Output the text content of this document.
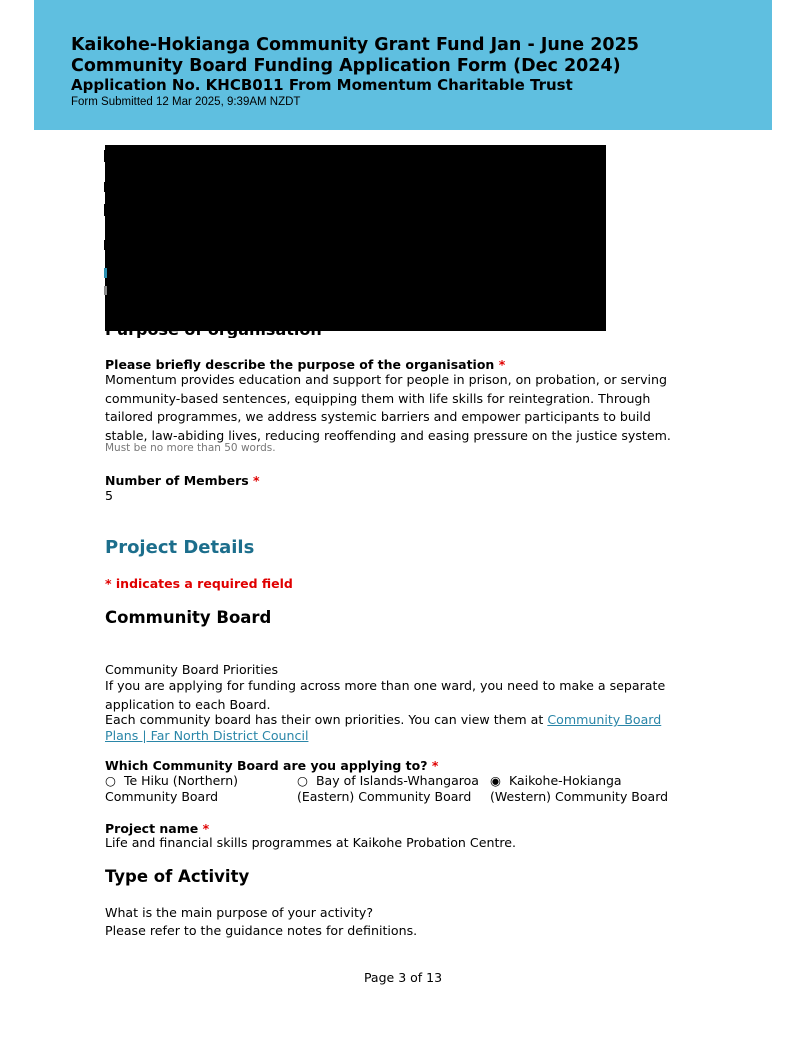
Kaikohe-Hokianga Community Grant Fund Jan - June 2025
Community Board Funding Application Form (Dec 2024)
Application No. KHCB011 From Momentum Charitable Trust
Form Submitted 12 Mar 2025, 9:39AM NZDT
Purpose of organisation
Please briefly describe the purpose of the organisation *
Momentum provides education and support for people in prison, on probation, or serving
community-based sentences, equipping them with life skills for reintegration. Through
tailored programmes, we address systemic barriers and empower participants to build
stable, law-abiding lives, reducing reoffending and easing pressure on the justice system.
Must be no more than 50 words.
Number of Members *
5
Project Details
* indicates a required field
Community Board
Community Board Priorities
If you are applying for funding across more than one ward, you need to make a separate
application to each Board.
Each community board has their own priorities. You can view them at Community Board
Plans | Far North District Council
Which Community Board are you applying to? *
○ Te Hiku (Northern)
Community Board
○ Bay of Islands-Whangaroa
(Eastern) Community Board
◉ Kaikohe-Hokianga
(Western) Community Board
Project name *
Life and financial skills programmes at Kaikohe Probation Centre.
Type of Activity
What is the main purpose of your activity?
Please refer to the guidance notes for definitions.
Page 3 of 13
